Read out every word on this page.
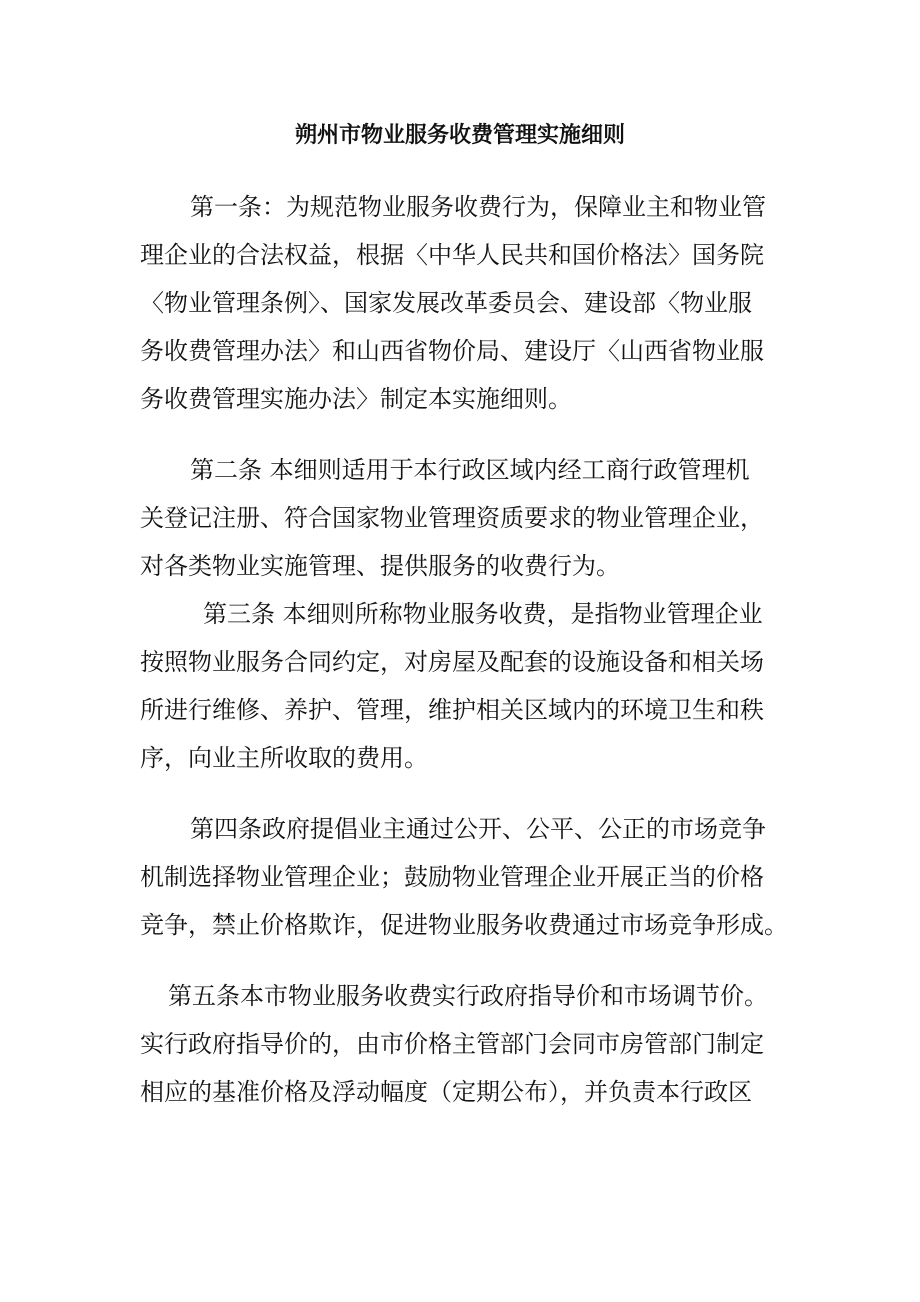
朔州市物业服务收费管理实施细则

第一条：为规范物业服务收费行为，保障业主和物业管

理企业的合法权益，根据〈中华人民共和国价格法〉国务院

〈物业管理条例〉、国家发展改革委员会、建设部〈物业服

务收费管理办法〉和山西省物价局、建设厅〈山西省物业服

务收费管理实施办法〉制定本实施细则。

第二条 本细则适用于本行政区域内经工商行政管理机

关登记注册、符合国家物业管理资质要求的物业管理企业，

对各类物业实施管理、提供服务的收费行为。

第三条 本细则所称物业服务收费，是指物业管理企业

按照物业服务合同约定，对房屋及配套的设施设备和相关场

所进行维修、养护、管理，维护相关区域内的环境卫生和秩

序，向业主所收取的费用。

第四条政府提倡业主通过公开、公平、公正的市场竞争

机制选择物业管理企业；鼓励物业管理企业开展正当的价格

竞争，禁止价格欺诈，促进物业服务收费通过市场竞争形成。

第五条本市物业服务收费实行政府指导价和市场调节价。

实行政府指导价的，由市价格主管部门会同市房管部门制定

相应的基准价格及浮动幅度（定期公布），并负责本行政区
